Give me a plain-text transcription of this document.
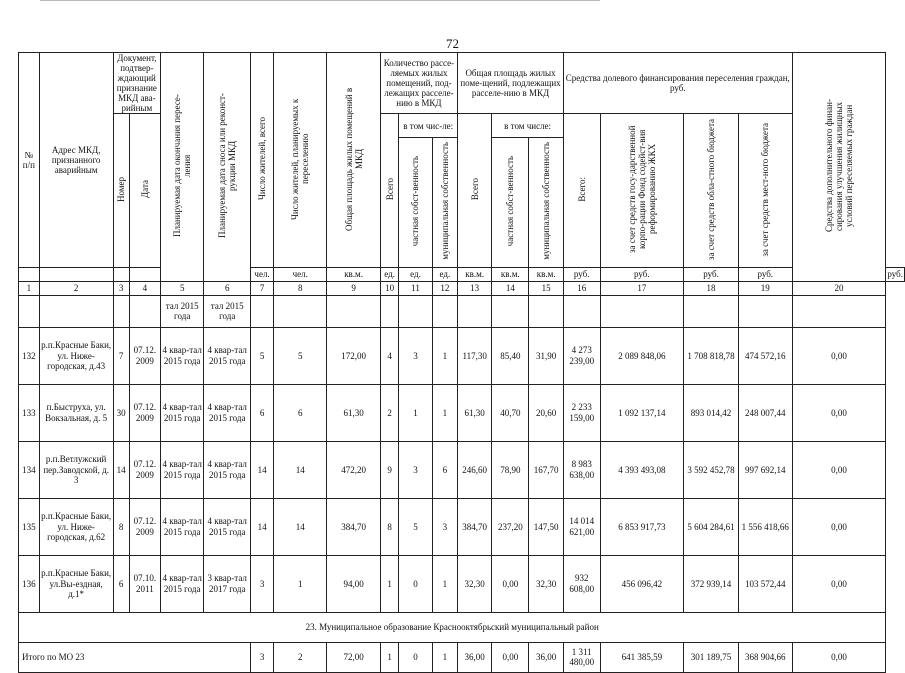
72
№ п/п	Адрес МКД, признанного аварийным	Документ, подтвер-ждающий признание МКД ава-рийным		Планируемая дата окончания пересе-ления	Планируемая дата сноса или реконст-рукции МКД	Число жителей, всего	Число жителей, планируемых к переселению	Общая площадь жилых помещений в МКД	Количество рассе-ляемых жилых помещений, под-лежащих расселе-нию в МКД			Общая площадь жилых поме-щений, подлежащих расселе-нию в МКД			Средства долевого финансирования переселения граждан, руб.				Средства дополнительного финан-сирования улучшения жилищных условий переселяемых граждан	
		Номер	Дата						Всего	в том чис-ле:		Всего	в том числе:		Всего:	за счет средств госу-дарственной корпо-рации Фонд содейст-вия реформированию ЖКХ	за счет средств обла-стного бюджета	за счет средств мест-ного бюджета		
										частная собст-венность	муниципальная собственность		частная собст-венность	муниципальная собственность						
						чел.	чел.	кв.м.	ед.	ед.	ед.	кв.м.	кв.м.	кв.м.	руб.	руб.	руб.	руб.		руб.
1	2	3	4	5	6	7	8	9	10	11	12	13	14	15	16	17	18	19	20	
				тал 2015 года	тал 2015 года															
132	р.п.Красные Баки, ул. Ниже-городская, д.43	7	07.12. 2009	4 квар-тал 2015 года	4 квар-тал 2015 года	5	5	172,00	4	3	1	117,30	85,40	31,90	4 273 239,00	2 089 848,06	1 708 818,78	474 572,16	0,00	
133	п.Быструха, ул. Вокзальная, д. 5	30	07.12. 2009	4 квар-тал 2015 года	4 квар-тал 2015 года	6	6	61,30	2	1	1	61,30	40,70	20,60	2 233 159,00	1 092 137,14	893 014,42	248 007,44	0,00	
134	р.п.Ветлужский пер.Заводской, д. 3	14	07.12. 2009	4 квар-тал 2015 года	4 квар-тал 2015 года	14	14	472,20	9	3	6	246,60	78,90	167,70	8 983 638,00	4 393 493,08	3 592 452,78	997 692,14	0,00	
135	р.п.Красные Баки, ул. Ниже-городская, д.62	8	07.12. 2009	4 квар-тал 2015 года	4 квар-тал 2015 года	14	14	384,70	8	5	3	384,70	237,20	147,50	14 014 621,00	6 853 917,73	5 604 284,61	1 556 418,66	0,00	
136	р.п.Красные Баки, ул.Вы-ездная, д.1*	6	07.10. 2011	4 квар-тал 2015 года	3 квар-тал 2017 года	3	1	94,00	1	0	1	32,30	0,00	32,30	932 608,00	456 096,42	372 939,14	103 572,44	0,00	
23. Муниципальное образование Краснооктябрьский муниципальный район																				
Итого по МО 23						3	2	72,00	1	0	1	36,00	0,00	36,00	1 311 480,00	641 385,59	301 189,75	368 904,66	0,00	
